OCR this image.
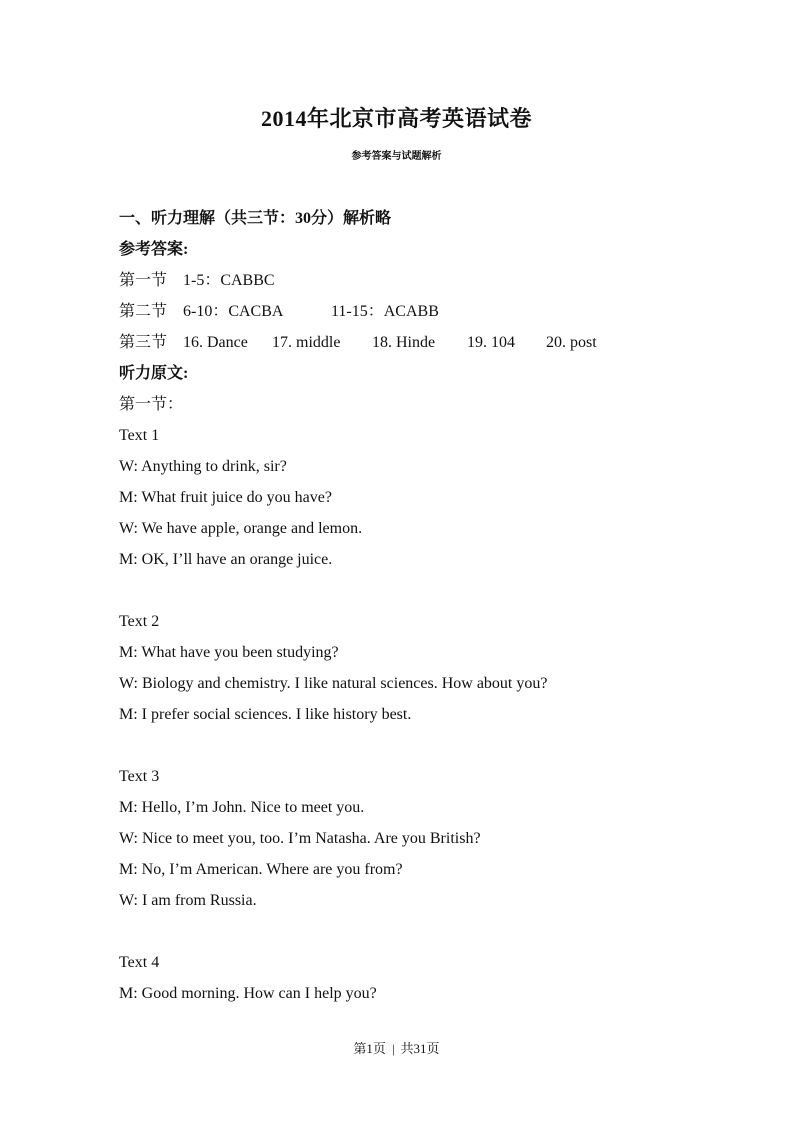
2014年北京市高考英语试卷
参考答案与试题解析
一、听力理解（共三节：30分）解析略
参考答案:
第一节 1-5：CABBC
第二节 6-10：CACBA	11-15：ACABB
第三节 16. Dance 17. middle 18. Hinde 19. 104 20. post
听力原文:
第一节：
Text 1
W: Anything to drink, sir?
M: What fruit juice do you have?
W: We have apple, orange and lemon.
M: OK, I’ll have an orange juice.
Text 2
M: What have you been studying?
W: Biology and chemistry. I like natural sciences. How about you?
M: I prefer social sciences. I like history best.
Text 3
M: Hello, I’m John. Nice to meet you.
W: Nice to meet you, too. I’m Natasha. Are you British?
M: No, I’m American. Where are you from?
W: I am from Russia.
Text 4
M: Good morning. How can I help you?
第1页 | 共31页
